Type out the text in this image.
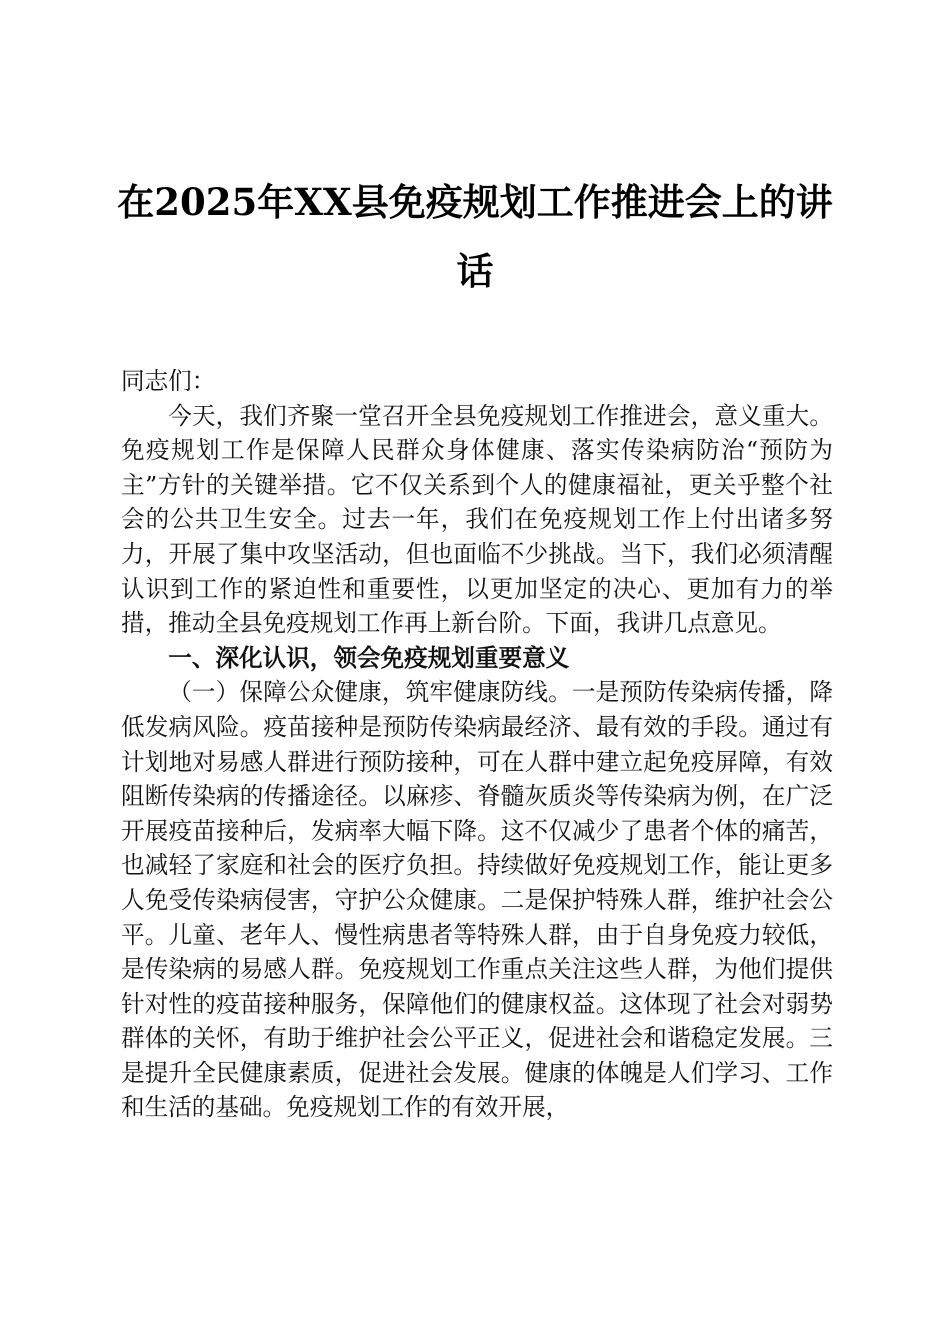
在2025年XX县免疫规划工作推进会上的讲话

同志们：

今天，我们齐聚一堂召开全县免疫规划工作推进会，意义重大。免疫规划工作是保障人民群众身体健康、落实传染病防治“预防为主”方针的关键举措。它不仅关系到个人的健康福祉，更关乎整个社会的公共卫生安全。过去一年，我们在免疫规划工作上付出诸多努力，开展了集中攻坚活动，但也面临不少挑战。当下，我们必须清醒认识到工作的紧迫性和重要性，以更加坚定的决心、更加有力的举措，推动全县免疫规划工作再上新台阶。下面，我讲几点意见。

一、深化认识，领会免疫规划重要意义

（一）保障公众健康，筑牢健康防线。一是预防传染病传播，降低发病风险。疫苗接种是预防传染病最经济、最有效的手段。通过有计划地对易感人群进行预防接种，可在人群中建立起免疫屏障，有效阻断传染病的传播途径。以麻疹、脊髓灰质炎等传染病为例，在广泛开展疫苗接种后，发病率大幅下降。这不仅减少了患者个体的痛苦，也减轻了家庭和社会的医疗负担。持续做好免疫规划工作，能让更多人免受传染病侵害，守护公众健康。二是保护特殊人群，维护社会公平。儿童、老年人、慢性病患者等特殊人群，由于自身免疫力较低，是传染病的易感人群。免疫规划工作重点关注这些人群，为他们提供针对性的疫苗接种服务，保障他们的健康权益。这体现了社会对弱势群体的关怀，有助于维护社会公平正义，促进社会和谐稳定发展。三是提升全民健康素质，促进社会发展。健康的体魄是人们学习、工作和生活的基础。免疫规划工作的有效开展，
